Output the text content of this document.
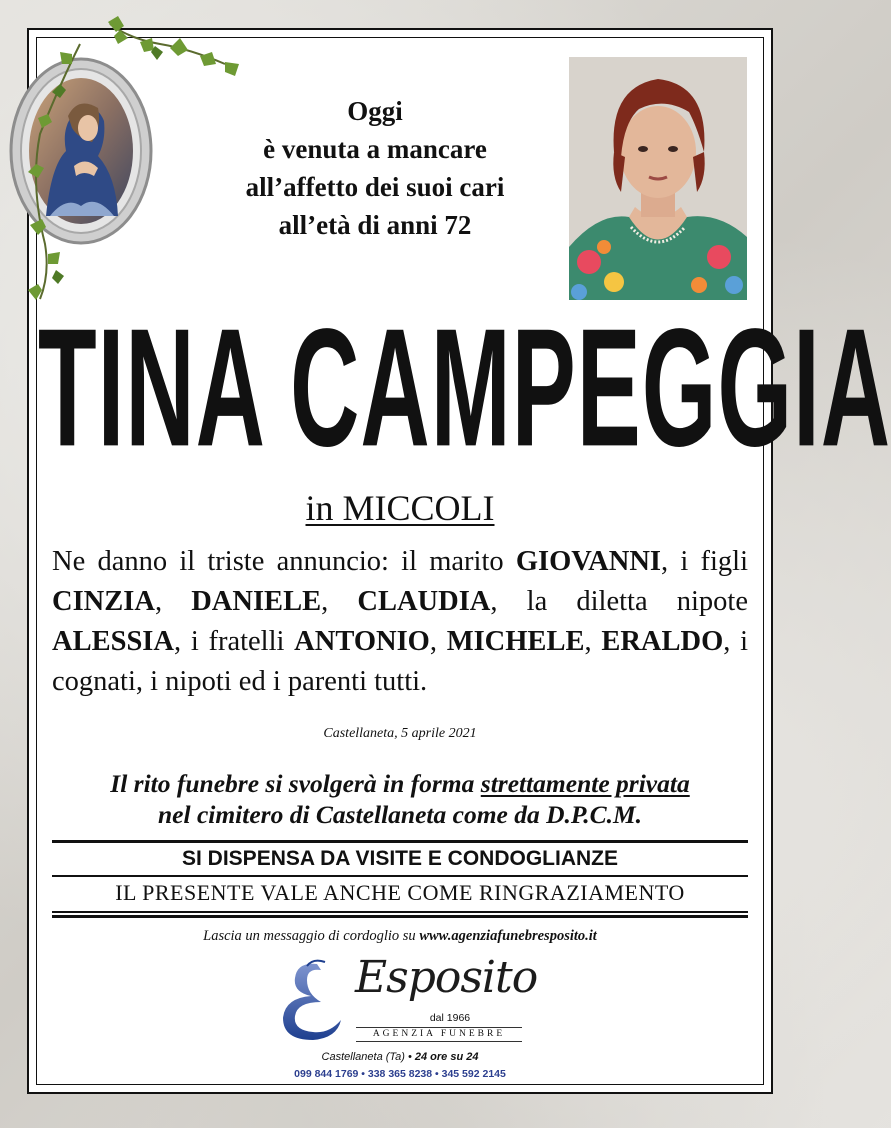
Oggi
è venuta a mancare
all’affetto dei suoi cari
all’età di anni 72
TINA CAMPEGGIA
in MICCOLI
Ne danno il triste annuncio: il marito GIOVANNI, i figli CINZIA, DANIELE, CLAUDIA, la diletta nipote ALESSIA, i fratelli ANTONIO, MICHELE, ERALDO, i cognati, i nipoti ed i parenti tutti.
Castellaneta, 5 aprile 2021
Il rito funebre si svolgerà in forma strettamente privata
nel cimitero di Castellaneta come da D.P.C.M.
SI DISPENSA DA VISITE E CONDOGLIANZE
IL PRESENTE VALE ANCHE COME RINGRAZIAMENTO
Lascia un messaggio di cordoglio su www.agenziafunebresposito.it
Esposito
dal 1966
AGENZIA FUNEBRE
Castellaneta (Ta) • 24 ore su 24
099 844 1769 • 338 365 8238 • 345 592 2145
